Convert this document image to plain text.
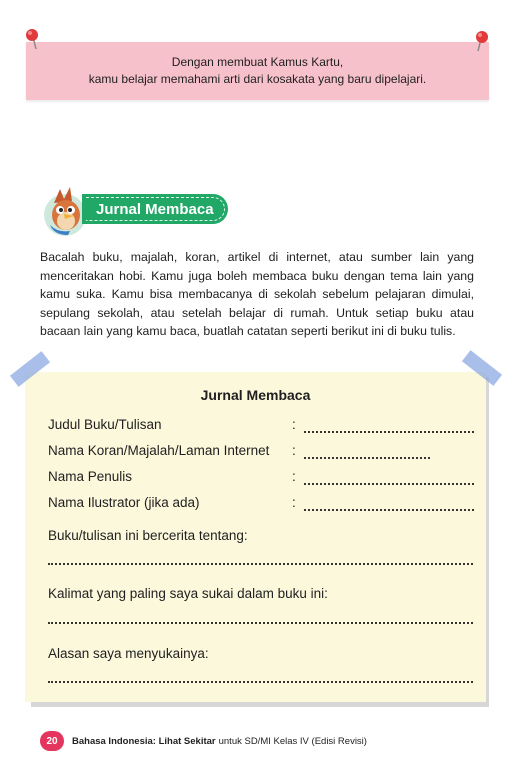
Dengan membuat Kamus Kartu,
kamu belajar memahami arti dari kosakata yang baru dipelajari.
Jurnal Membaca

Bacalah buku, majalah, koran, artikel di internet, atau sumber lain yang menceritakan hobi. Kamu juga boleh membaca buku dengan tema lain yang kamu suka. Kamu bisa membacanya di sekolah sebelum pelajaran dimulai, sepulang sekolah, atau setelah belajar di rumah. Untuk setiap buku atau bacaan lain yang kamu baca, buatlah catatan seperti berikut ini di buku tulis.

Jurnal Membaca
Judul Buku/Tulisan	:
Nama Koran/Majalah/Laman Internet	:
Nama Penulis	:
Nama Ilustrator (jika ada)	:
Buku/tulisan ini bercerita tentang:
Kalimat yang paling saya sukai dalam buku ini:
Alasan saya menyukainya:
20	Bahasa Indonesia: Lihat Sekitar untuk SD/MI Kelas IV (Edisi Revisi)
